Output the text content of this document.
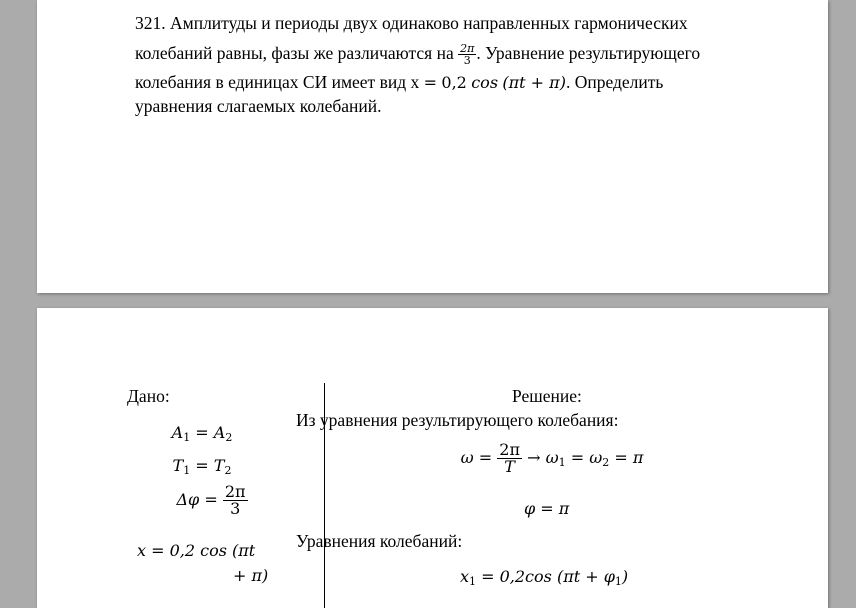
321. Амплитуды и периоды двух одинаково направленных гармонических
колебаний равны, фазы же различаются на $\frac{2\pi}{3}$ . Уравнение результирующего
колебания в единицах СИ имеет вид х = 0,2 cos (πt + π). Определить
уравнения слагаемых колебаний.
Дано:	Решение:
$A_1 = A_2$
$T_1 = T_2$
$\Delta\varphi = \frac{2\pi}{3}$
х = 0,2 cos (πt
+ π)
Из уравнения результирующего колебания:
$\omega = \frac{2\pi}{T} \to \omega_1 = \omega_2 = \pi$
φ = π
Уравнения колебаний:
$x_1 = 0,2\cos$ $(\pi t + \varphi_1)$
